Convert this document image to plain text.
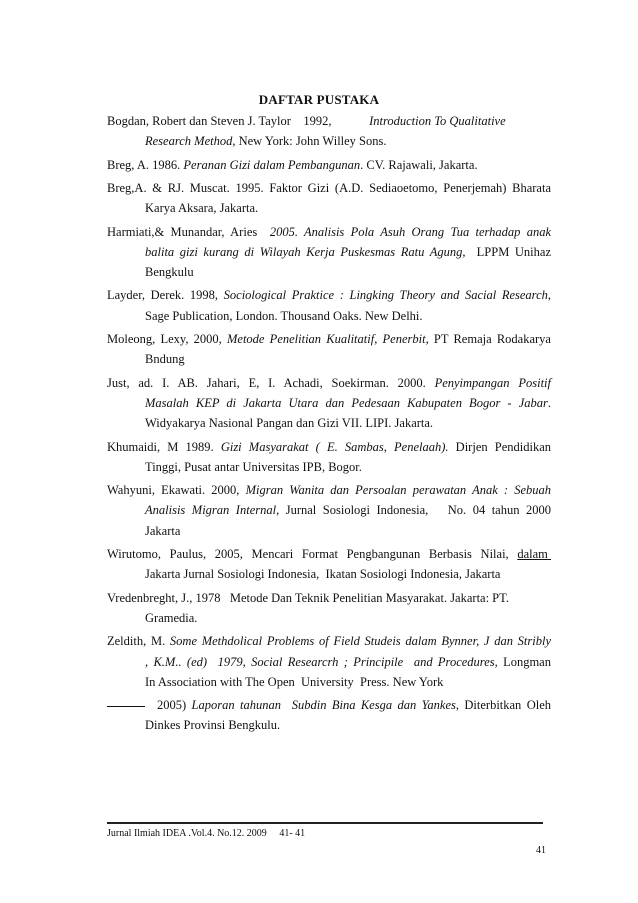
DAFTAR PUSTAKA
Bogdan, Robert dan Steven J. Taylor    1992,            Introduction To Qualitative
Research Method, New York: John Willey Sons.
Breg, A. 1986. Peranan Gizi dalam Pembangunan. CV. Rajawali, Jakarta.
Breg,A. & RJ. Muscat. 1995. Faktor Gizi (A.D. Sediaoetomo, Penerjemah) Bharata
Karya Aksara, Jakarta.
Harmiati,& Munandar, Aries  2005. Analisis Pola Asuh Orang Tua terhadap anak
balita gizi kurang di Wilayah Kerja Puskesmas Ratu Agung,  LPPM Unihaz
Bengkulu
Layder, Derek. 1998, Sociological Praktice : Lingking Theory and Sacial Research,
Sage Publication, London. Thousand Oaks. New Delhi.
Moleong, Lexy, 2000, Metode Penelitian Kualitatif, Penerbit, PT Remaja Rodakarya
Bndung
Just, ad. I. AB. Jahari, E, I. Achadi, Soekirman. 2000. Penyimpangan Positif
Masalah KEP di Jakarta Utara dan Pedesaan Kabupaten Bogor - Jabar.
Widyakarya Nasional Pangan dan Gizi VII. LIPI. Jakarta.
Khumaidi, M 1989. Gizi Masyarakat ( E. Sambas, Penelaah). Dirjen Pendidikan
Tinggi, Pusat antar Universitas IPB, Bogor.
Wahyuni, Ekawati. 2000, Migran Wanita dan Persoalan perawatan Anak : Sebuah
Analisis Migran Internal, Jurnal Sosiologi Indonesia,   No. 04 tahun 2000
Jakarta
Wirutomo, Paulus, 2005, Mencari Format Pengbangunan Berbasis Nilai, dalam
Jakarta Jurnal Sosiologi Indonesia,  Ikatan Sosiologi Indonesia, Jakarta
Vredenbreght, J., 1978   Metode Dan Teknik Penelitian Masyarakat. Jakarta: PT.
Gramedia.
Zeldith, M. Some Methdolical Problems of Field Studeis dalam Bynner, J dan Stribly
, K.M.. (ed)  1979, Social Researcrh ; Principile  and Procedures, Longman
In Association with The Open  University  Press. New York
2005) Laporan tahunan  Subdin Bina Kesga dan Yankes, Diterbitkan Oleh
Dinkes Provinsi Bengkulu.
Jurnal Ilmiah IDEA .Vol.4. No.12. 2009 41- 41
41
